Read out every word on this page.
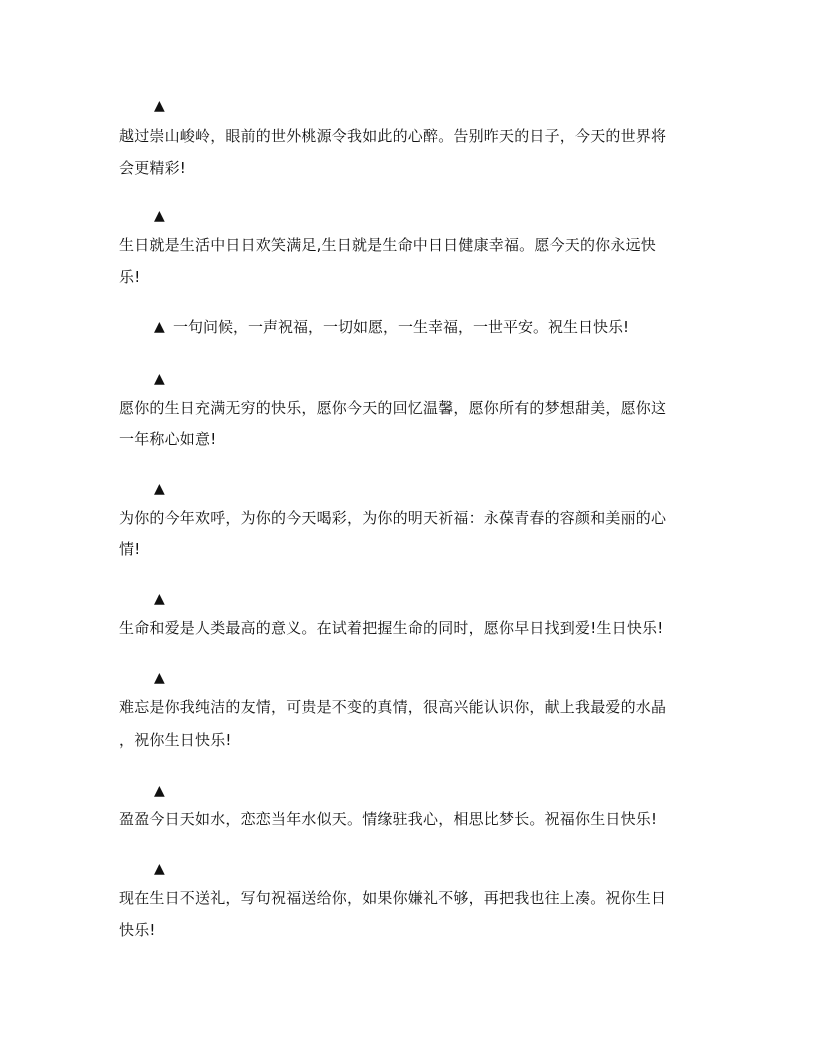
▲
越过崇山峻岭，眼前的世外桃源令我如此的心醉。告别昨天的日子，今天的世界将
会更精彩!
▲
生日就是生活中日日欢笑满足,生日就是生命中日日健康幸福。愿今天的你永远快
乐!
▲ 一句问候，一声祝福，一切如愿，一生幸福，一世平安。祝生日快乐!
▲
愿你的生日充满无穷的快乐，愿你今天的回忆温馨，愿你所有的梦想甜美，愿你这
一年称心如意!
▲
为你的今年欢呼，为你的今天喝彩，为你的明天祈福：永葆青春的容颜和美丽的心
情!
▲
生命和爱是人类最高的意义。在试着把握生命的同时，愿你早日找到爱!生日快乐!
▲
难忘是你我纯洁的友情，可贵是不变的真情，很高兴能认识你，献上我最爱的水晶
，祝你生日快乐!
▲
盈盈今日天如水，恋恋当年水似天。情缘驻我心，相思比梦长。祝福你生日快乐!
▲
现在生日不送礼，写句祝福送给你，如果你嫌礼不够，再把我也往上凑。祝你生日
快乐!
